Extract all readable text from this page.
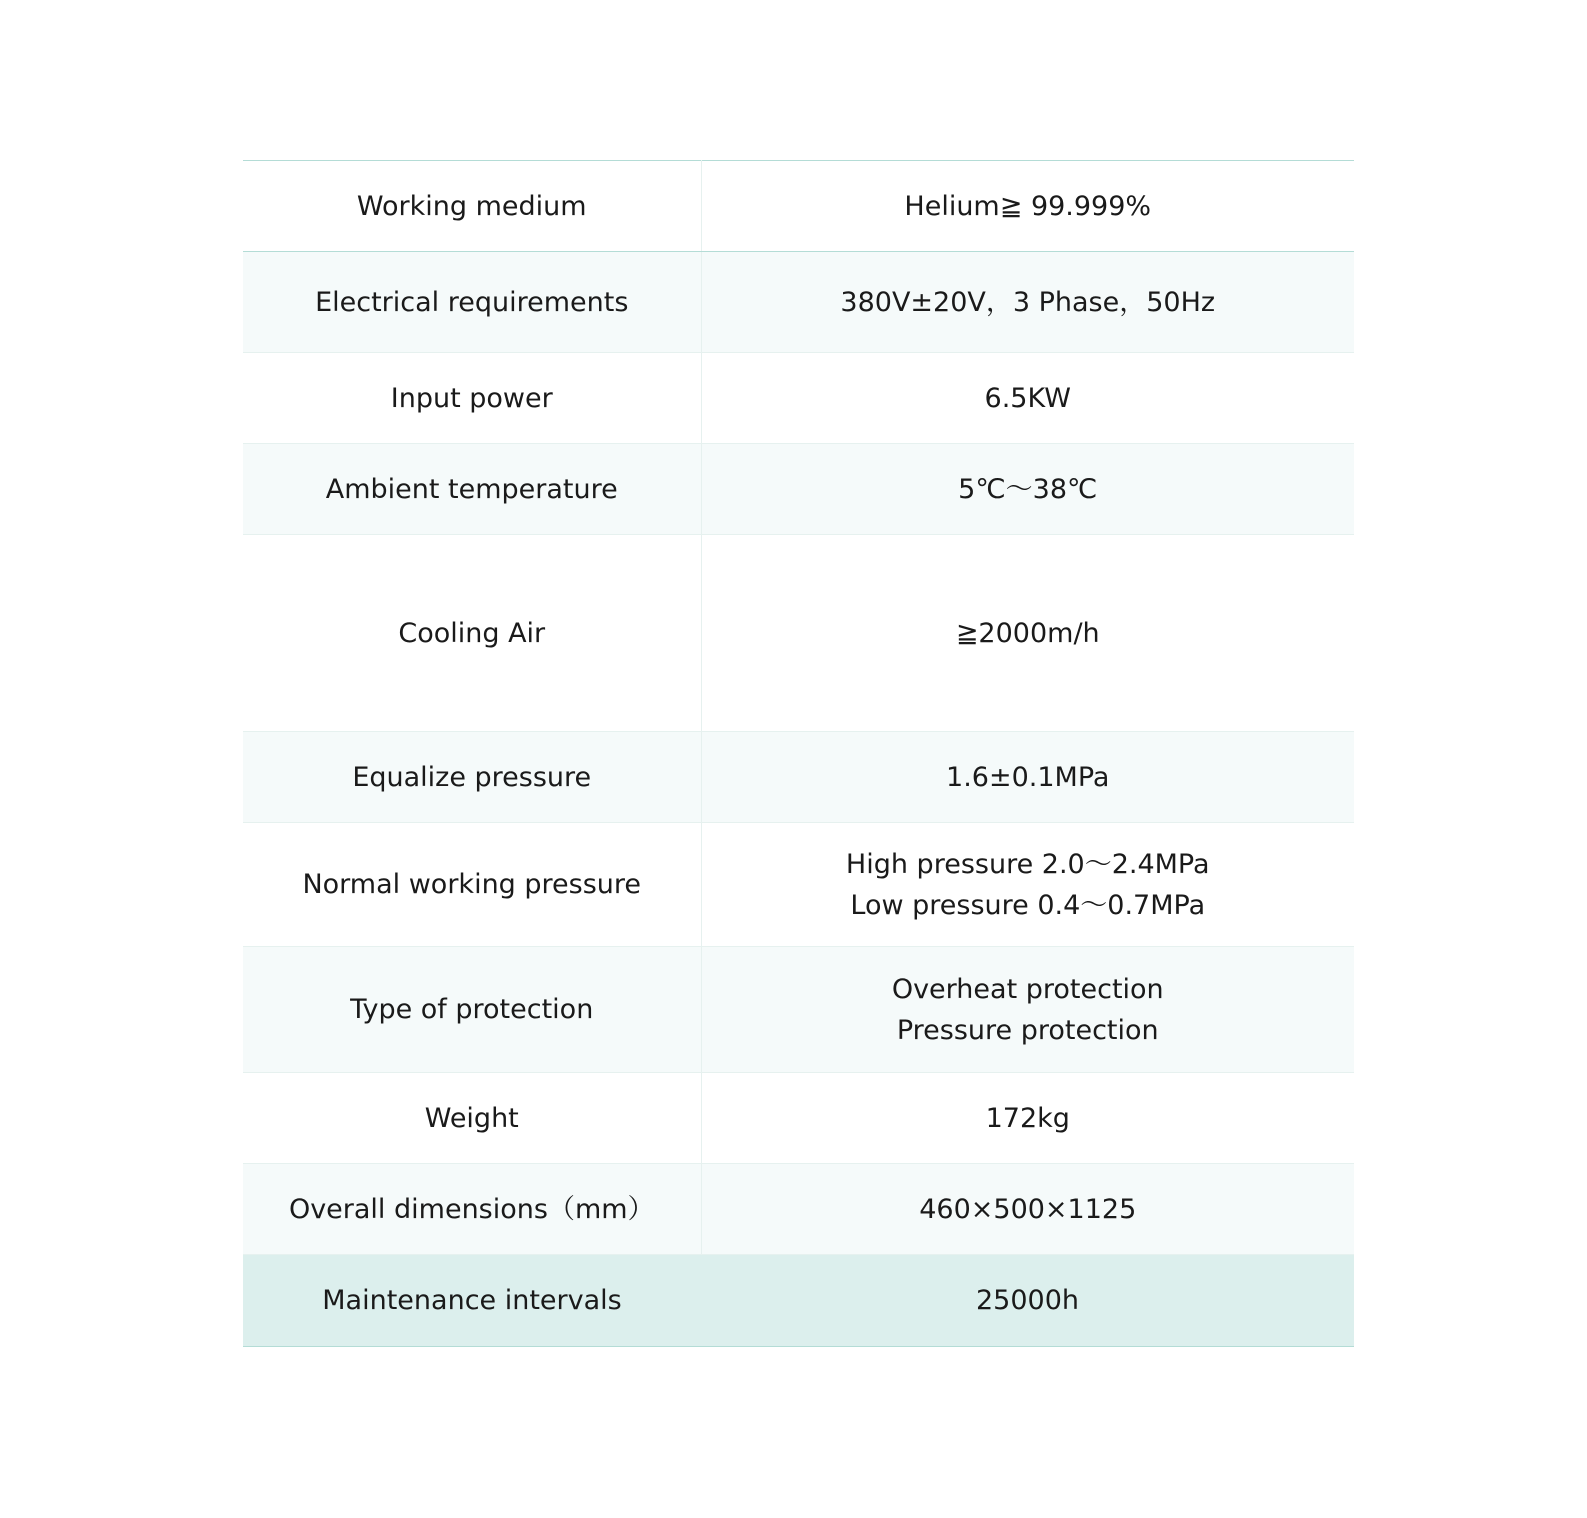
Working medium	Helium≧ 99.999%

Electrical requirements	380V±20V，3 Phase，50Hz

Input power	6.5KW

Ambient temperature	5℃～38℃

Cooling Air	≧2000m/h

Equalize pressure	1.6±0.1MPa

Normal working pressure	High pressure 2.0～2.4MPa
Low pressure 0.4～0.7MPa

Type of protection	Overheat protection
Pressure protection

Weight	172kg

Overall dimensions（mm）	460×500×1125

Maintenance intervals	25000h
